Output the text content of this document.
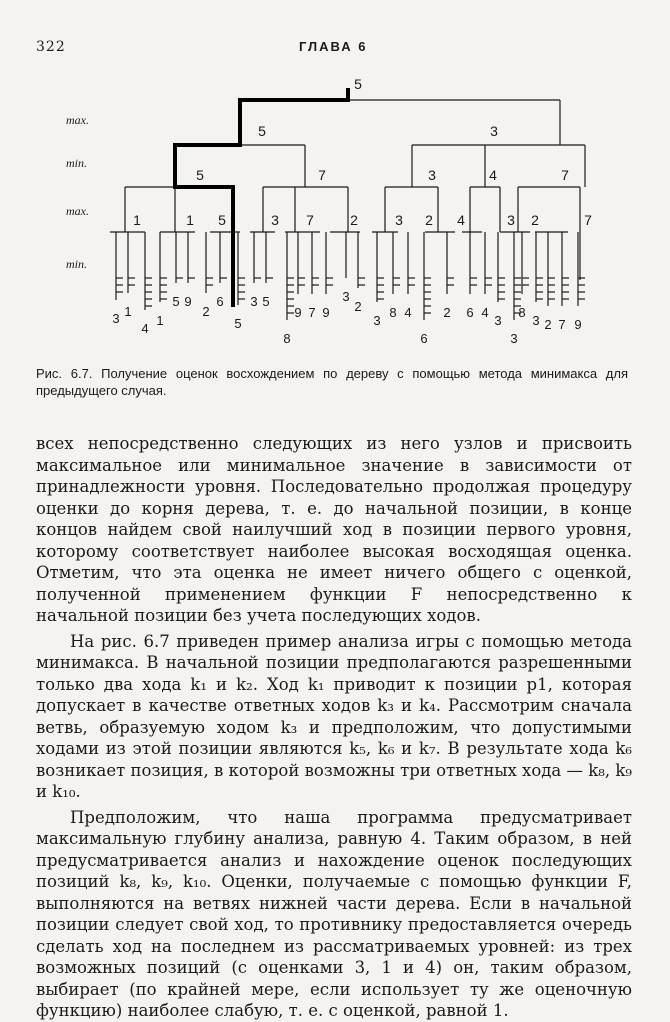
322	ГЛАВА 6
max.
min.
max.
min.
5
5	3
5	7	3	4	7
1	1 5	3 7	2	3 2 4	3 2	7
3 1
4
1
5 9
2
6
5
3 5
8
9 7 9
3
2
3
8 4
6
2 6 4
3
3
8
3 2 7 9
Рис. 6.7. Получение оценок восхождением по дереву с помощью метода минимакса для предыдущего случая.

всех непосредственно следующих из него узлов и присвоить максимальное или минимальное значение в зависимости от принадлежности уровня. Последовательно продолжая процедуру оценки до корня дерева, т. е. до начальной позиции, в конце концов найдем свой наилучший ход в позиции первого уровня, которому соответствует наиболее высокая восходящая оценка. Отметим, что эта оценка не имеет ничего общего с оценкой, полученной применением функции F непосредственно к начальной позиции без учета последующих ходов.

На рис. 6.7 приведен пример анализа игры с помощью метода минимакса. В начальной позиции предполагаются разрешенными только два хода k₁ и k₂. Ход k₁ приводит к позиции p1, которая допускает в качестве ответных ходов k₃ и k₄. Рассмотрим сначала ветвь, образуемую ходом k₃ и предположим, что допустимыми ходами из этой позиции являются k₅, k₆ и k₇. В результате хода k₆ возникает позиция, в которой возможны три ответных хода — k₈, k₉ и k₁₀.

Предположим, что наша программа предусматривает максимальную глубину анализа, равную 4. Таким образом, в ней предусматривается анализ и нахождение оценок последующих позиций k₈, k₉, k₁₀. Оценки, получаемые с помощью функции F, выполняются на ветвях нижней части дерева. Если в начальной позиции следует свой ход, то противнику предоставляется очередь сделать ход на последнем из рассматриваемых уровней: из трех возможных позиций (с оценками 3, 1 и 4) он, таким образом, выбирает (по крайней мере, если использует ту же оценочную функцию) наиболее слабую, т. е. с оценкой, равной 1.
